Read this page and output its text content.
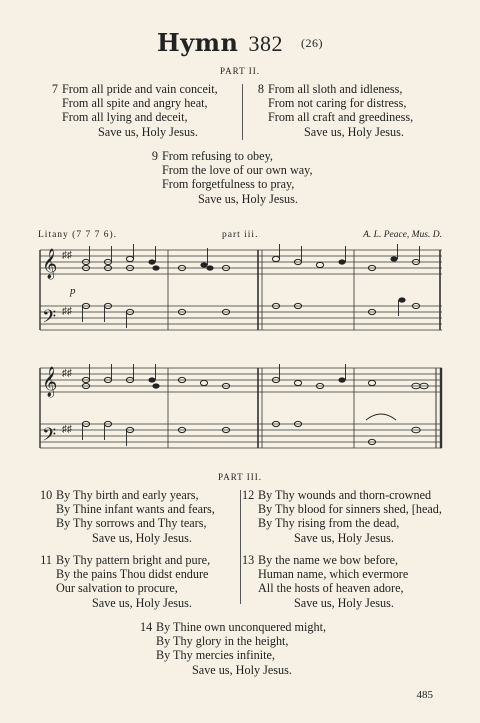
Hymn 382 (26)
PART II.
7 From all pride and vain conceit,
From all spite and angry heat,
From all lying and deceit,
Save us, Holy Jesus.
8 From all sloth and idleness,
From not caring for distress,
From all craft and greediness,
Save us, Holy Jesus.
9 From refusing to obey,
From the love of our own way,
From forgetfulness to pray,
Save us, Holy Jesus.
Litany (7 7 7 6).	part iii.	A. L. Peace, Mus. D.
𝄞
𝄢
♯♯
♯♯
p
𝄞
𝄢
♯♯
♯♯
PART III.
10 By Thy birth and early years,
By Thine infant wants and fears,
By Thy sorrows and Thy tears,
Save us, Holy Jesus.
12 By Thy wounds and thorn-crowned
By Thy blood for sinners shed, [head,
By Thy rising from the dead,
Save us, Holy Jesus.
11 By Thy pattern bright and pure,
By the pains Thou didst endure
Our salvation to procure,
Save us, Holy Jesus.
13 By the name we bow before,
Human name, which evermore
All the hosts of heaven adore,
Save us, Holy Jesus.
14 By Thine own unconquered might,
By Thy glory in the height,
By Thy mercies infinite,
Save us, Holy Jesus.
485
